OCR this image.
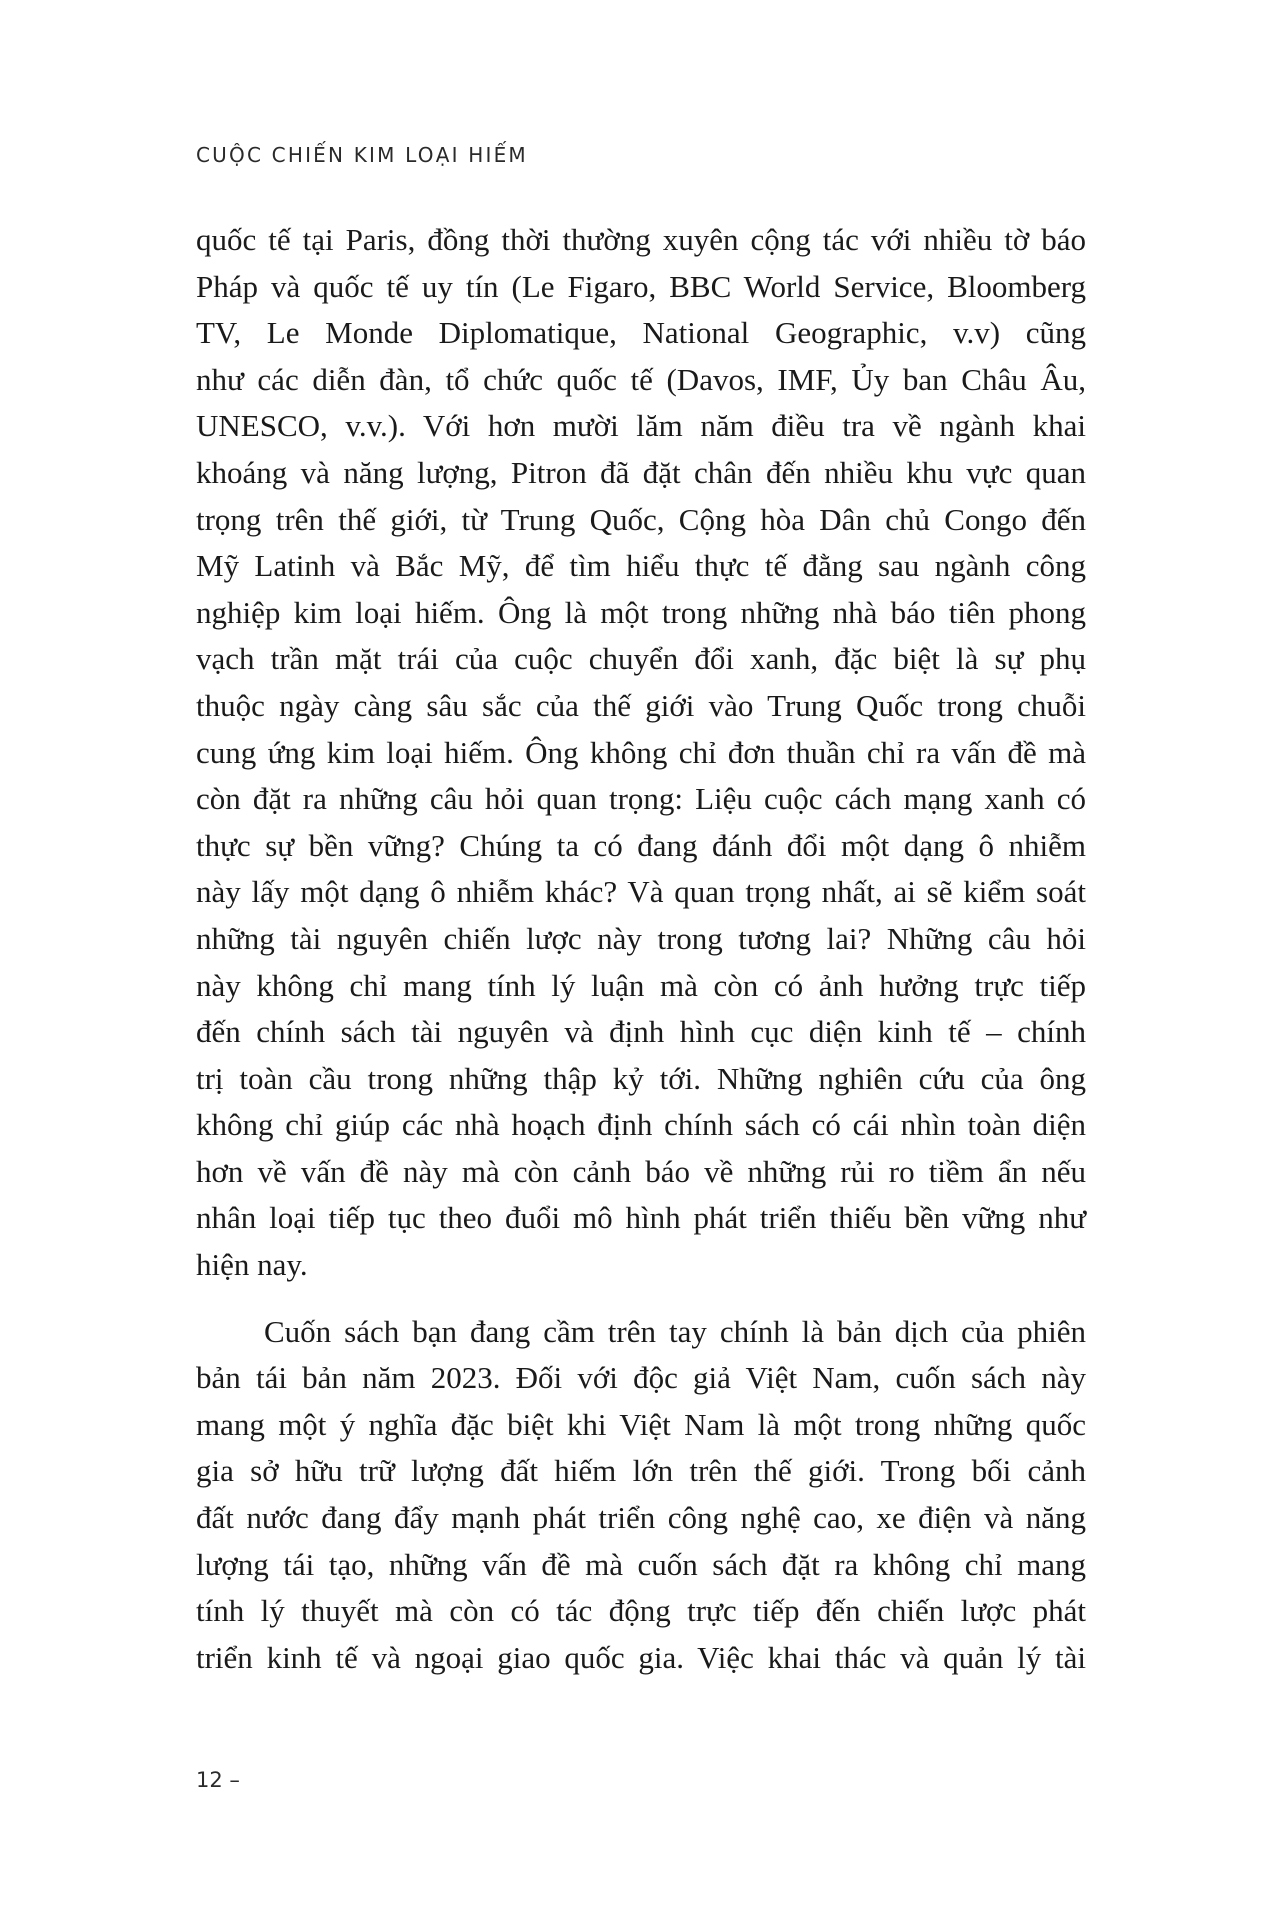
CUỘC CHIẾN KIM LOẠI HIẾM
quốc tế tại Paris, đồng thời thường xuyên cộng tác với nhiều tờ báo
Pháp và quốc tế uy tín (Le Figaro, BBC World Service, Bloomberg
TV, Le Monde Diplomatique, National Geographic, v.v) cũng
như các diễn đàn, tổ chức quốc tế (Davos, IMF, Ủy ban Châu Âu,
UNESCO, v.v.). Với hơn mười lăm năm điều tra về ngành khai
khoáng và năng lượng, Pitron đã đặt chân đến nhiều khu vực quan
trọng trên thế giới, từ Trung Quốc, Cộng hòa Dân chủ Congo đến
Mỹ Latinh và Bắc Mỹ, để tìm hiểu thực tế đằng sau ngành công
nghiệp kim loại hiếm. Ông là một trong những nhà báo tiên phong
vạch trần mặt trái của cuộc chuyển đổi xanh, đặc biệt là sự phụ
thuộc ngày càng sâu sắc của thế giới vào Trung Quốc trong chuỗi
cung ứng kim loại hiếm. Ông không chỉ đơn thuần chỉ ra vấn đề mà
còn đặt ra những câu hỏi quan trọng: Liệu cuộc cách mạng xanh có
thực sự bền vững? Chúng ta có đang đánh đổi một dạng ô nhiễm
này lấy một dạng ô nhiễm khác? Và quan trọng nhất, ai sẽ kiểm soát
những tài nguyên chiến lược này trong tương lai? Những câu hỏi
này không chỉ mang tính lý luận mà còn có ảnh hưởng trực tiếp
đến chính sách tài nguyên và định hình cục diện kinh tế – chính
trị toàn cầu trong những thập kỷ tới. Những nghiên cứu của ông
không chỉ giúp các nhà hoạch định chính sách có cái nhìn toàn diện
hơn về vấn đề này mà còn cảnh báo về những rủi ro tiềm ẩn nếu
nhân loại tiếp tục theo đuổi mô hình phát triển thiếu bền vững như
hiện nay.
Cuốn sách bạn đang cầm trên tay chính là bản dịch của phiên
bản tái bản năm 2023. Đối với độc giả Việt Nam, cuốn sách này
mang một ý nghĩa đặc biệt khi Việt Nam là một trong những quốc
gia sở hữu trữ lượng đất hiếm lớn trên thế giới. Trong bối cảnh
đất nước đang đẩy mạnh phát triển công nghệ cao, xe điện và năng
lượng tái tạo, những vấn đề mà cuốn sách đặt ra không chỉ mang
tính lý thuyết mà còn có tác động trực tiếp đến chiến lược phát
triển kinh tế và ngoại giao quốc gia. Việc khai thác và quản lý tài
12 –
